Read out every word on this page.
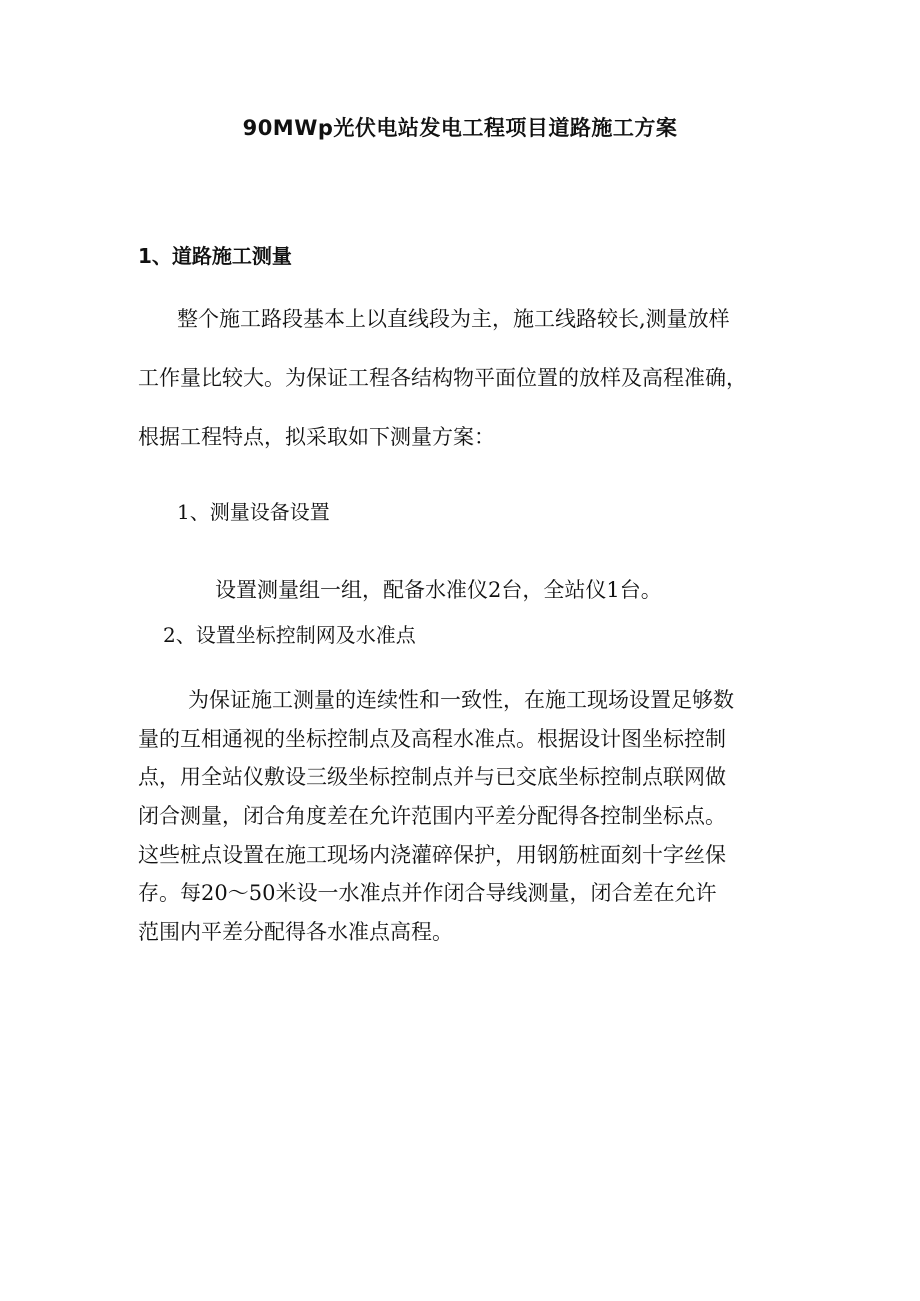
90MWp光伏电站发电工程项目道路施工方案
1、道路施工测量

整个施工路段基本上以直线段为主，施工线路较长,测量放样
工作量比较大。为保证工程各结构物平面位置的放样及高程准确，
根据工程特点，拟采取如下测量方案：

1、测量设备设置
设置测量组一组，配备水准仪2台，全站仪1台。
2、设置坐标控制网及水准点

为保证施工测量的连续性和一致性，在施工现场设置足够数
量的互相通视的坐标控制点及高程水准点。根据设计图坐标控制
点，用全站仪敷设三级坐标控制点并与已交底坐标控制点联网做
闭合测量，闭合角度差在允许范围内平差分配得各控制坐标点。
这些桩点设置在施工现场内浇灌碎保护，用钢筋桩面刻十字丝保
存。每20～50米设一水准点并作闭合导线测量，闭合差在允许
范围内平差分配得各水准点高程。
